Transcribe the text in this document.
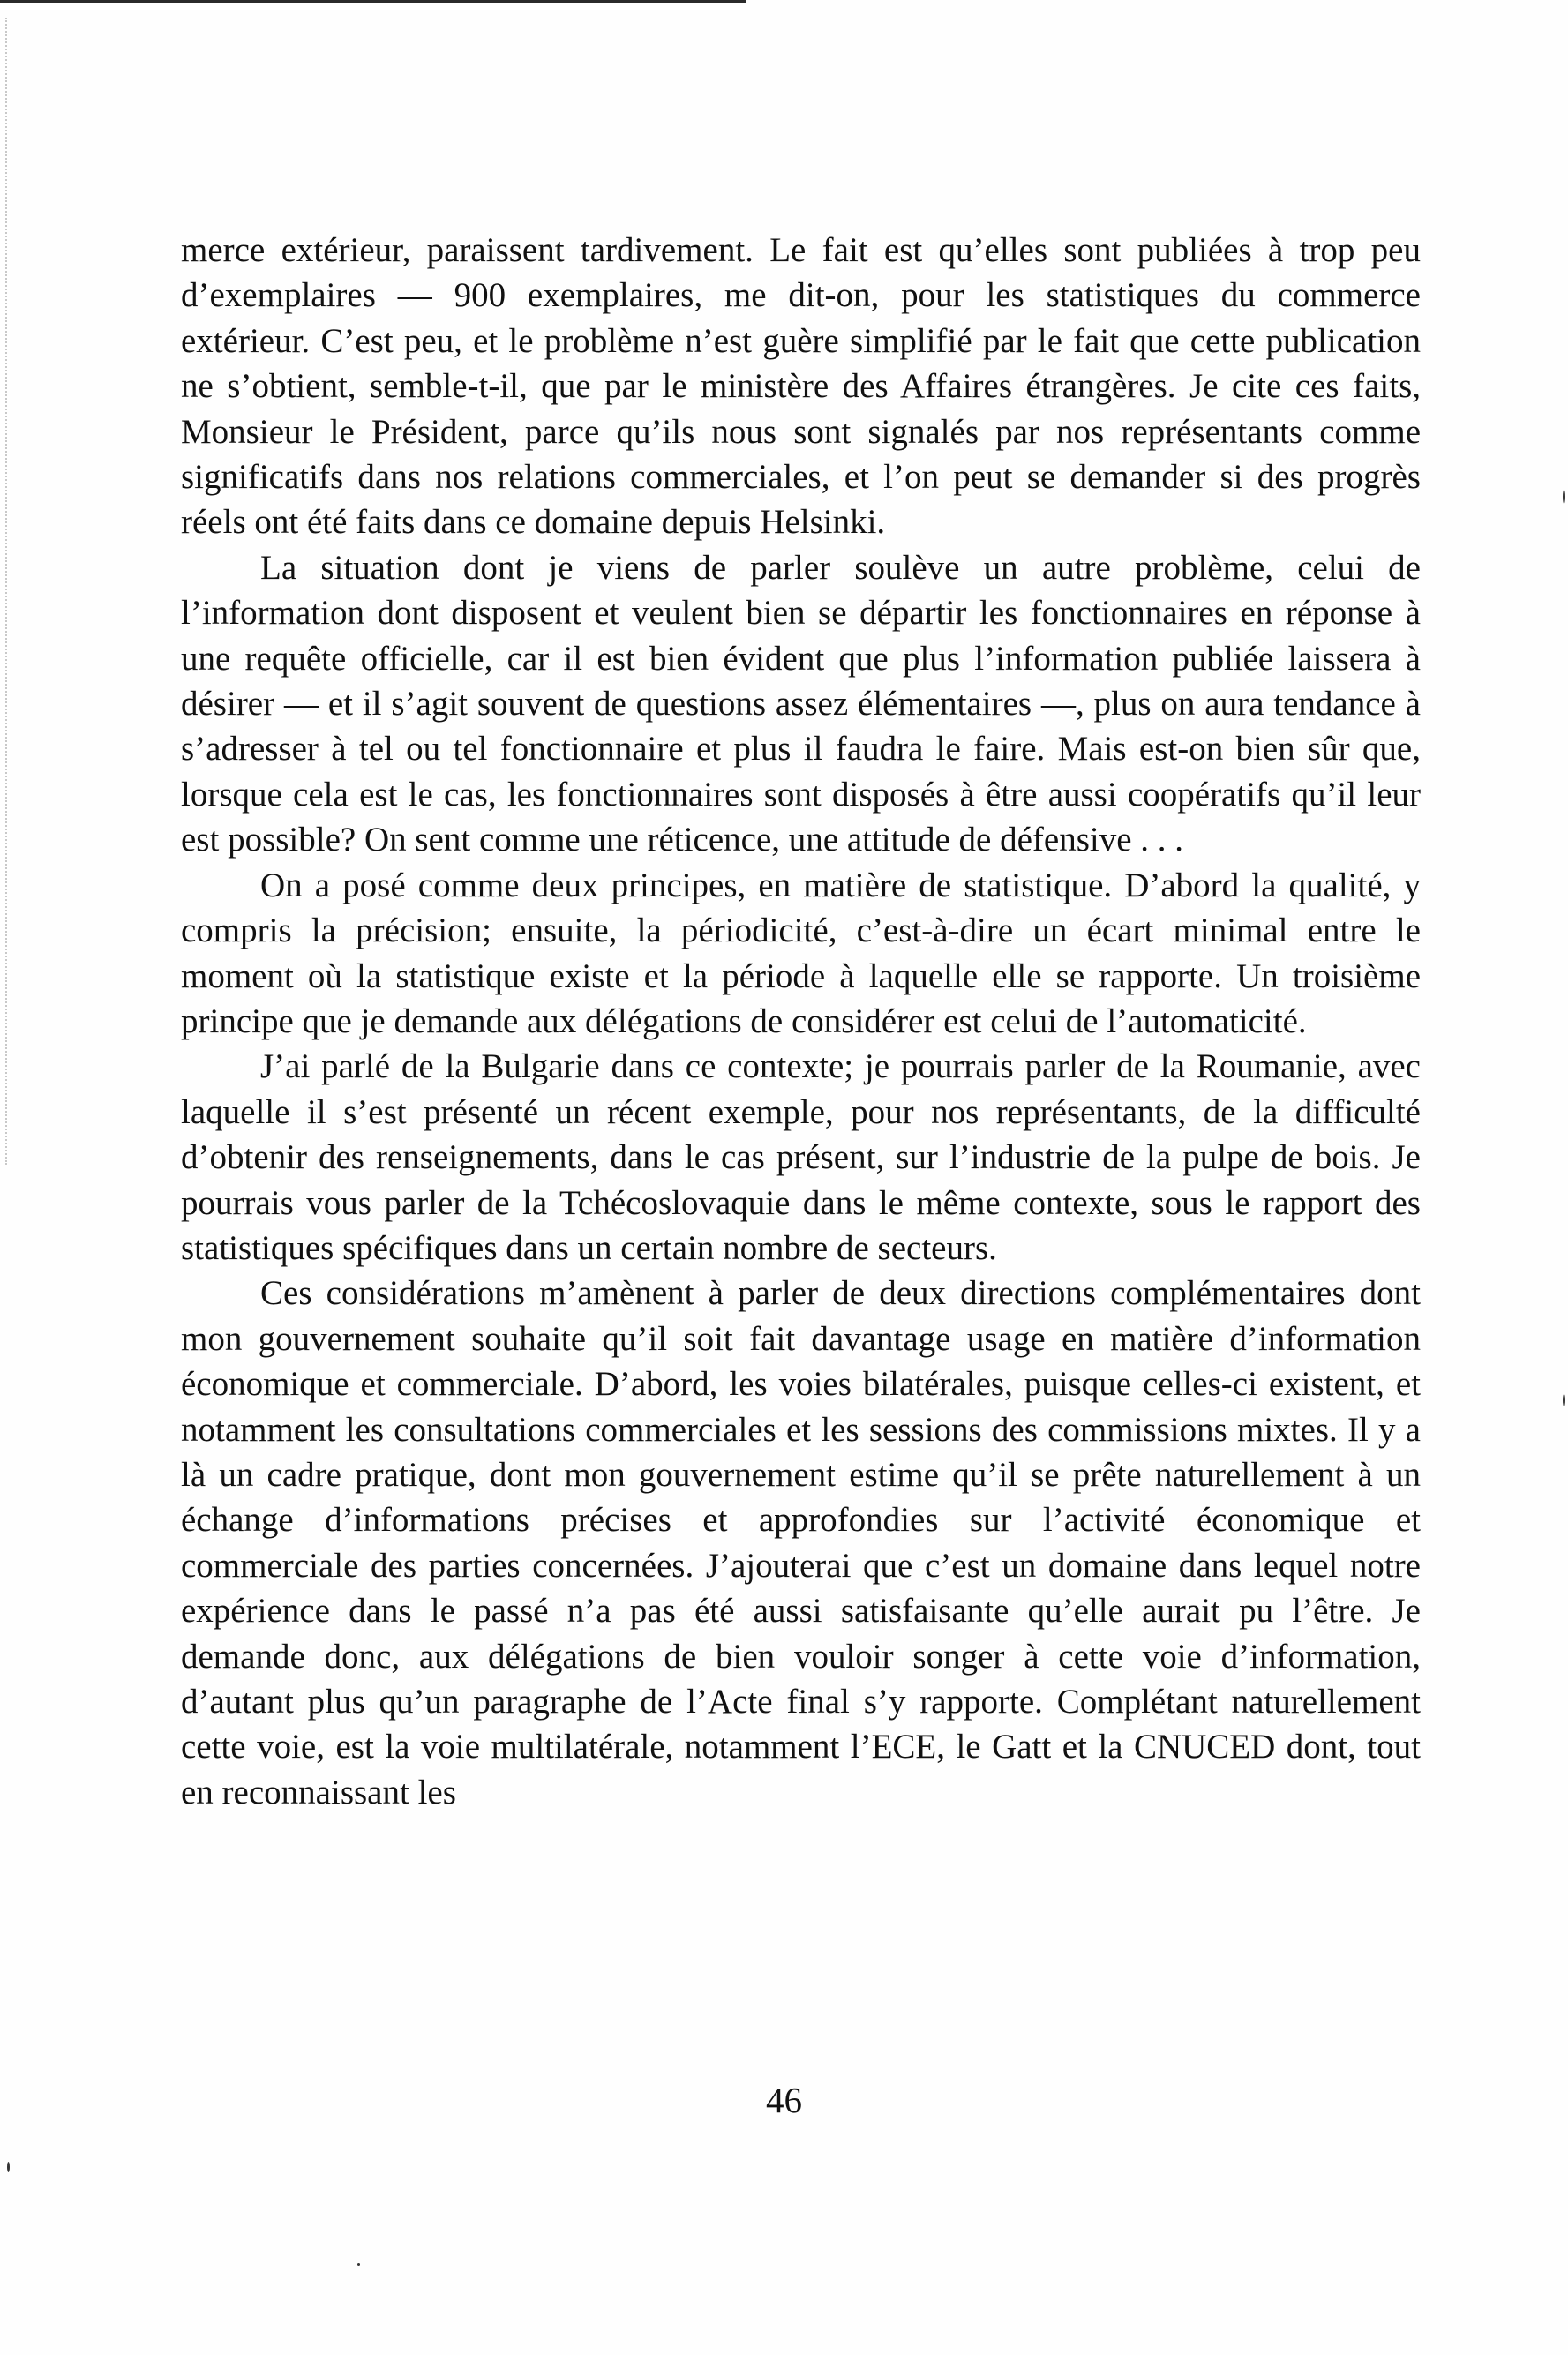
merce extérieur, paraissent tardivement. Le fait est qu’elles sont publiées à trop peu d’exemplaires — 900 exemplaires, me dit-on, pour les statistiques du commerce extérieur. C’est peu, et le problème n’est guère simplifié par le fait que cette publication ne s’obtient, semble-t-il, que par le ministère des Affaires étrangères. Je cite ces faits, Monsieur le Président, parce qu’ils nous sont signalés par nos représentants comme significatifs dans nos relations commerciales, et l’on peut se demander si des progrès réels ont été faits dans ce domaine depuis Helsinki.

La situation dont je viens de parler soulève un autre problème, celui de l’information dont disposent et veulent bien se départir les fonctionnaires en réponse à une requête officielle, car il est bien évident que plus l’information publiée laissera à désirer — et il s’agit souvent de questions assez élémentaires —, plus on aura tendance à s’adresser à tel ou tel fonctionnaire et plus il faudra le faire. Mais est-on bien sûr que, lorsque cela est le cas, les fonctionnaires sont disposés à être aussi coopératifs qu’il leur est possible? On sent comme une réticence, une attitude de défensive . . .

On a posé comme deux principes, en matière de statistique. D’abord la qualité, y compris la précision; ensuite, la périodicité, c’est-à-dire un écart minimal entre le moment où la statistique existe et la période à laquelle elle se rapporte. Un troisième principe que je demande aux délégations de considérer est celui de l’automaticité.

J’ai parlé de la Bulgarie dans ce contexte; je pourrais parler de la Roumanie, avec laquelle il s’est présenté un récent exemple, pour nos représentants, de la difficulté d’obtenir des renseignements, dans le cas présent, sur l’industrie de la pulpe de bois. Je pourrais vous parler de la Tchécoslovaquie dans le même contexte, sous le rapport des statistiques spécifiques dans un certain nombre de secteurs.

Ces considérations m’amènent à parler de deux directions complémentaires dont mon gouvernement souhaite qu’il soit fait davantage usage en matière d’information économique et commerciale. D’abord, les voies bilatérales, puisque celles-ci existent, et notamment les consultations commerciales et les sessions des commissions mixtes. Il y a là un cadre pratique, dont mon gouvernement estime qu’il se prête naturellement à un échange d’informations précises et approfondies sur l’activité économique et commerciale des parties concernées. J’ajouterai que c’est un domaine dans lequel notre expérience dans le passé n’a pas été aussi satisfaisante qu’elle aurait pu l’être. Je demande donc, aux délégations de bien vouloir songer à cette voie d’information, d’autant plus qu’un paragraphe de l’Acte final s’y rapporte. Complétant naturellement cette voie, est la voie multilatérale, notamment l’ECE, le Gatt et la CNUCED dont, tout en reconnaissant les

46
